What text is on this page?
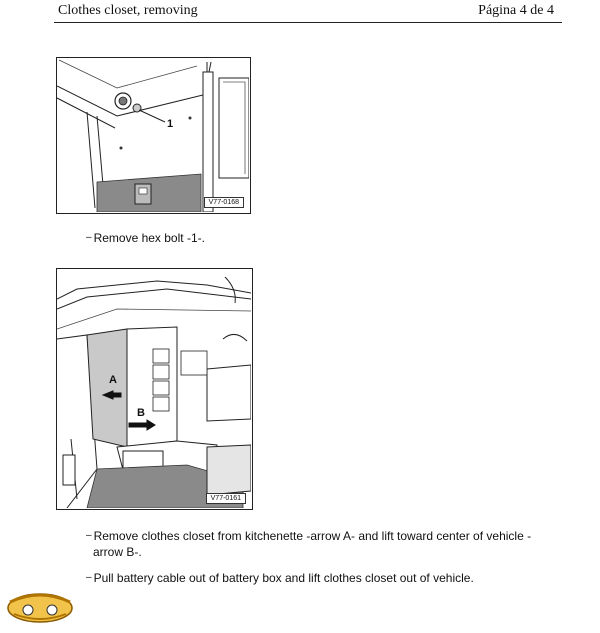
Clothes closet, removing	Página 4 de 4
1
V77-0168
– Remove hex bolt -1-.
A
B
V77-0161
– Remove clothes closet from kitchenette -arrow A- and lift toward center of vehicle -
arrow B-.
– Pull battery cable out of battery box and lift clothes closet out of vehicle.
